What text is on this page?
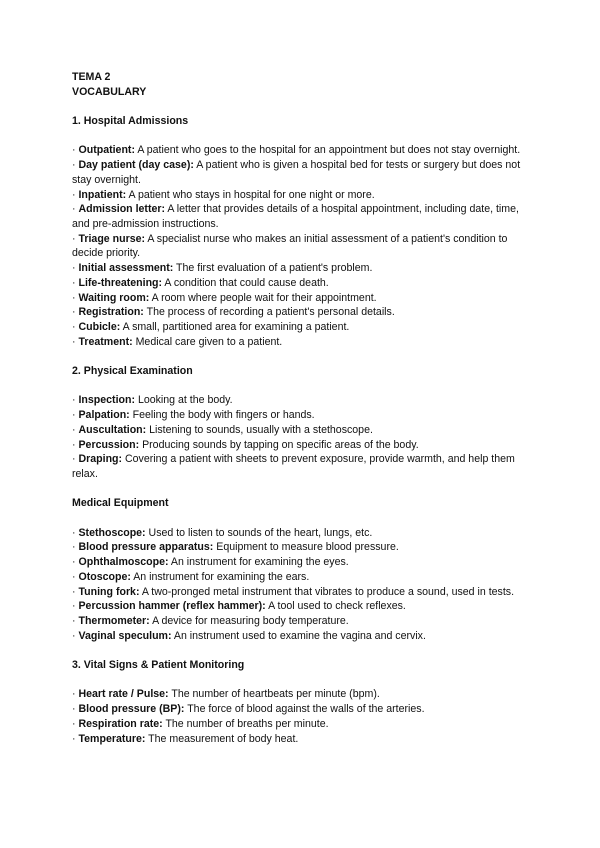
TEMA 2

VOCABULARY

1. Hospital Admissions

· Outpatient: A patient who goes to the hospital for an appointment but does not stay overnight.

· Day patient (day case): A patient who is given a hospital bed for tests or surgery but does not stay overnight.

· Inpatient: A patient who stays in hospital for one night or more.

· Admission letter: A letter that provides details of a hospital appointment, including date, time, and pre-admission instructions.

· Triage nurse: A specialist nurse who makes an initial assessment of a patient's condition to decide priority.

· Initial assessment: The first evaluation of a patient's problem.

· Life-threatening: A condition that could cause death.

· Waiting room: A room where people wait for their appointment.

· Registration: The process of recording a patient's personal details.

· Cubicle: A small, partitioned area for examining a patient.

· Treatment: Medical care given to a patient.

2. Physical Examination

· Inspection: Looking at the body.

· Palpation: Feeling the body with fingers or hands.

· Auscultation: Listening to sounds, usually with a stethoscope.

· Percussion: Producing sounds by tapping on specific areas of the body.

· Draping: Covering a patient with sheets to prevent exposure, provide warmth, and help them relax.

Medical Equipment

· Stethoscope: Used to listen to sounds of the heart, lungs, etc.

· Blood pressure apparatus: Equipment to measure blood pressure.

· Ophthalmoscope: An instrument for examining the eyes.

· Otoscope: An instrument for examining the ears.

· Tuning fork: A two-pronged metal instrument that vibrates to produce a sound, used in tests.

· Percussion hammer (reflex hammer): A tool used to check reflexes.

· Thermometer: A device for measuring body temperature.

· Vaginal speculum: An instrument used to examine the vagina and cervix.

3. Vital Signs & Patient Monitoring

· Heart rate / Pulse: The number of heartbeats per minute (bpm).

· Blood pressure (BP): The force of blood against the walls of the arteries.

· Respiration rate: The number of breaths per minute.

· Temperature: The measurement of body heat.
